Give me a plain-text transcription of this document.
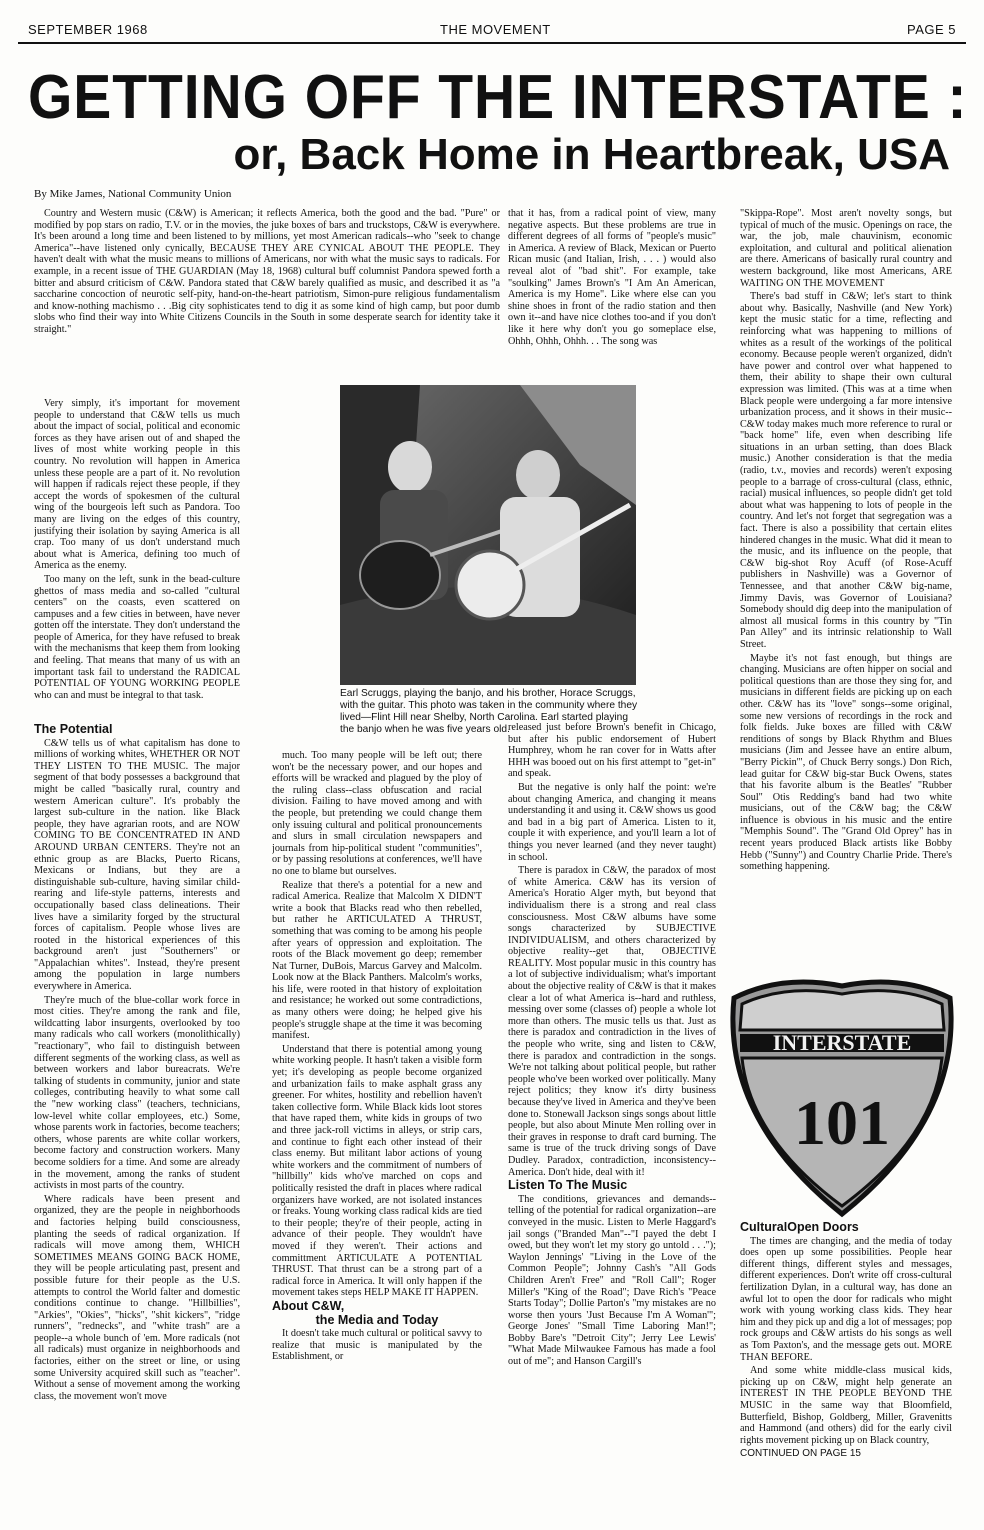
SEPTEMBER 1968	THE MOVEMENT	PAGE 5
GETTING OFF THE INTERSTATE :
or, Back Home in Heartbreak, USA
By Mike James, National Community Union

Country and Western music (C&W) is American; it reflects America, both the good and the bad. "Pure" or modified by pop stars on radio, T.V. or in the movies, the juke boxes of bars and truckstops, C&W is everywhere. It's been around a long time and been listened to by millions, yet most American radicals--who "seek to change America"--have listened only cynically, BECAUSE THEY ARE CYNICAL ABOUT THE PEOPLE. They haven't dealt with what the music means to millions of Americans, nor with what the music says to radicals. For example, in a recent issue of THE GUARDIAN (May 18, 1968) cultural buff columnist Pandora spewed forth a bitter and absurd criticism of C&W. Pandora stated that C&W barely qualified as music, and described it as "a saccharine concoction of neurotic self-pity, hand-on-the-heart patriotism, Simon-pure religious fundamentalism and know-nothing machismo . . .Big city sophisticates tend to dig it as some kind of high camp, but poor dumb slobs who find their way into White Citizens Councils in the South in some desperate search for identity take it straight."

Very simply, it's important for movement people to understand that C&W tells us much about the impact of social, political and economic forces as they have arisen out of and shaped the lives of most white working people in this country. No revolution will happen in America unless these people are a part of it. No revolution will happen if radicals reject these people, if they accept the words of spokesmen of the cultural wing of the bourgeois left such as Pandora. Too many are living on the edges of this country, justifying their isolation by saying America is all crap. Too many of us don't understand much about what is America, defining too much of America as the enemy.

Too many on the left, sunk in the bead-culture ghettos of mass media and so-called "cultural centers" on the coasts, even scattered on campuses and a few cities in between, have never gotten off the interstate. They don't understand the people of America, for they have refused to break with the mechanisms that keep them from looking and feeling. That means that many of us with an important task fail to understand the RADICAL POTENTIAL OF YOUNG WORKING PEOPLE who can and must be integral to that task.	Earl Scruggs, playing the banjo, and his brother, Horace Scruggs, with the guitar. This photo was taken in the community where they lived—Flint Hill near Shelby, North Carolina. Earl started playing the banjo when he was five years old.

The Potential

C&W tells us of what capitalism has done to millions of working whites, WHETHER OR NOT THEY LISTEN TO THE MUSIC. The major segment of that body possesses a background that might be called "basically rural, country and western American culture". It's probably the largest sub-culture in the nation. like Black people, they have agrarian roots, and are NOW COMING TO BE CONCENTRATED IN AND AROUND URBAN CENTERS. They're not an ethnic group as are Blacks, Puerto Ricans, Mexicans or Indians, but they are a distinguishable sub-culture, having similar child-rearing and life-style patterns, interests and occupationally based class delineations. Their lives have a similarity forged by the structural forces of capitalism. People whose lives are rooted in the historical experiences of this background aren't just "Southerners" or "Appalachian whites". Instead, they're present among the population in large numbers everywhere in America.

They're much of the blue-collar work force in most cities. They're among the rank and file, wildcatting labor insurgents, overlooked by too many radicals who call workers (monolithically) "reactionary", who fail to distinguish between different segments of the working class, as well as between workers and labor bureacrats. We're talking of students in community, junior and state colleges, contributing heavily to what some call the "new working class" (teachers, technicians, low-level white collar employees, etc.) Some, whose parents work in factories, become teachers; others, whose parents are white collar workers, become factory and construction workers. Many become soldiers for a time. And some are already in the movement, among the ranks of student activists in most parts of the country.

Where radicals have been present and organized, they are the people in neighborhoods and factories helping build consciousness, planting the seeds of radical organization. If radicals will move among them, WHICH SOMETIMES MEANS GOING BACK HOME, they will be people articulating past, present and possible future for their people as the U.S. attempts to control the World falter and domestic conditions continue to change. "Hillbillies", "Arkies", "Okies", "hicks", "shit kickers", "ridge runners", "rednecks", and "white trash" are a people--a whole bunch of 'em. More radicals (not all radicals) must organize in neighborhoods and factories, either on the street or line, or using some University acquired skill such as "teacher". Without a sense of movement among the working class, the movement won't move

much. Too many people will be left out; there won't be the necessary power, and our hopes and efforts will be wracked and plagued by the ploy of the ruling class--class obfuscation and racial division. Failing to have moved among and with the people, but pretending we could change them only issuing cultural and political pronouncements and slurs in small circulation newspapers and journals from hip-political student "communities", or by passing resolutions at conferences, we'll have no one to blame but ourselves.

Realize that there's a potential for a new and radical America. Realize that Malcolm X DIDN'T write a book that Blacks read who then rebelled, but rather he ARTICULATED A THRUST, something that was coming to be among his people after years of oppression and exploitation. The roots of the Black movement go deep; remember Nat Turner, DuBois, Marcus Garvey and Malcolm. Look now at the Black Panthers. Malcolm's works, his life, were rooted in that history of exploitation and resistance; he worked out some contradictions, as many others were doing; he helped give his people's struggle shape at the time it was becoming manifest.

Understand that there is potential among young white working people. It hasn't taken a visible form yet; it's developing as people become organized and urbanization fails to make asphalt grass any greener. For whites, hostility and rebellion haven't taken collective form. While Black kids loot stores that have raped them, white kids in groups of two and three jack-roll victims in alleys, or strip cars, and continue to fight each other instead of their class enemy. But militant labor actions of young white workers and the commitment of numbers of "hillbilly" kids who've marched on cops and politically resisted the draft in places where radical organizers have worked, are not isolated instances or freaks. Young working class radical kids are tied to their people; they're of their people, acting in advance of their people. They wouldn't have moved if they weren't. Their actions and committment ARTICULATE A POTENTIAL THRUST. That thrust can be a strong part of a radical force in America. It will only happen if the movement takes steps HELP MAKE IT HAPPEN.

About C&W,

the Media and Today

It doesn't take much cultural or political savvy to realize that music is manipulated by the Establishment, or

that it has, from a radical point of view, many negative aspects. But these problems are true in different degrees of all forms of "people's music" in America. A review of Black, Mexican or Puerto Rican music (and Italian, Irish, . . . ) would also reveal alot of "bad shit". For example, take "soulking" James Brown's "I Am An American, America is my Home". Like where else can you shine shoes in front of the radio station and then own it--and have nice clothes too-and if you don't like it here why don't you go someplace else, Ohhh, Ohhh, Ohhh. . . The song was

released just before Brown's benefit in Chicago, but after his public endorsement of Hubert Humphrey, whom he ran cover for in Watts after HHH was booed out on his first attempt to "get-in" and speak.

But the negative is only half the point: we're about changing America, and changing it means understanding it and using it. C&W shows us good and bad in a big part of America. Listen to it, couple it with experience, and you'll learn a lot of things you never learned (and they never taught) in school.

There is paradox in C&W, the paradox of most of white America. C&W has its version of America's Horatio Alger myth, but beyond that individualism there is a strong and real class consciousness. Most C&W albums have some songs characterized by SUBJECTIVE INDIVIDUALISM, and others characterized by objective reality--get that, OBJECTIVE REALITY. Most popular music in this country has a lot of subjective individualism; what's important about the objective reality of C&W is that it makes clear a lot of what America is--hard and ruthless, messing over some (classes of) people a whole lot more than others. The music tells us that. Just as there is paradox and contradiction in the lives of the people who write, sing and listen to C&W, there is paradox and contradiction in the songs. We're not talking about political people, but rather people who've been worked over politically. Many reject politics; they know it's dirty business because they've lived in America and they've been done to. Stonewall Jackson sings songs about little people, but also about Minute Men rolling over in their graves in response to draft card burning. The same is true of the truck driving songs of Dave Dudley. Paradox, contradiction, inconsistency--America. Don't hide, deal with it!

Listen To The Music

The conditions, grievances and demands--telling of the potential for radical organization--are conveyed in the music. Listen to Merle Haggard's jail songs ("Branded Man"--"I payed the debt I owed, but they won't let my story go untold . . ."); Waylon Jennings' "Living in the Love of the Common People"; Johnny Cash's "All Gods Children Aren't Free" and "Roll Call"; Roger Miller's "King of the Road"; Dave Rich's "Peace Starts Today"; Dollie Parton's "my mistakes are no worse then yours 'Just Because I'm A Woman'"; George Jones' "Small Time Laboring Man!"; Bobby Bare's "Detroit City"; Jerry Lee Lewis' "What Made Milwaukee Famous has made a fool out of me"; and Hanson Cargill's

"Skippa-Rope". Most aren't novelty songs, but typical of much of the music. Openings on race, the war, the job, male chauvinism, economic exploitation, and cultural and political alienation are there. Americans of basically rural country and western background, like most Americans, ARE WAITING ON THE MOVEMENT

There's bad stuff in C&W; let's start to think about why. Basically, Nashville (and New York) kept the music static for a time, reflecting and reinforcing what was happening to millions of whites as a result of the workings of the political economy. Because people weren't organized, didn't have power and control over what happened to them, their ability to shape their own cultural expression was limited. (This was at a time when Black people were undergoing a far more intensive urbanization process, and it shows in their music--C&W today makes much more reference to rural or "back home" life, even when describing life situations in an urban setting, than does Black music.) Another consideration is that the media (radio, t.v., movies and records) weren't exposing people to a barrage of cross-cultural (class, ethnic, racial) musical influences, so people didn't get told about what was happening to lots of people in the country. And let's not forget that segregation was a fact. There is also a possibility that certain elites hindered changes in the music. What did it mean to the music, and its influence on the people, that C&W big-shot Roy Acuff (of Rose-Acuff publishers in Nashville) was a Governor of Tennessee, and that another C&W big-name, Jimmy Davis, was Governor of Louisiana? Somebody should dig deep into the manipulation of almost all musical forms in this country by "Tin Pan Alley" and its intrinsic relationship to Wall Street.

Maybe it's not fast enough, but things are changing. Musicians are often hipper on social and political questions than are those they sing for, and musicians in different fields are picking up on each other. C&W has its "love" songs--some original, some new versions of recordings in the rock and folk fields. Juke boxes are filled with C&W renditions of songs by Black Rhythm and Blues musicians (Jim and Jessee have an entire album, "Berry Pickin'", of Chuck Berry songs.) Don Rich, lead guitar for C&W big-star Buck Owens, states that his favorite album is the Beatles' "Rubber Soul" Otis Redding's band had two white musicians, out of the C&W bag; the C&W influence is obvious in his music and the entire "Memphis Sound". The "Grand Old Oprey" has in recent years produced Black artists like Bobby Hebb ("Sunny") and Country Charlie Pride. There's something happening.

INTERSTATE
101

CulturalOpen Doors

The times are changing, and the media of today does open up some possibilities. People hear different things, different styles and messages, different experiences. Don't write off cross-cultural fertilization Dylan, in a cultural way, has done an awful lot to open the door for radicals who might work with young working class kids. They hear him and they pick up and dig a lot of messages; pop rock groups and C&W artists do his songs as well as Tom Paxton's, and the message gets out. MORE THAN BEFORE.

And some white middle-class musical kids, picking up on C&W, might help generate an INTEREST IN THE PEOPLE BEYOND THE MUSIC in the same way that Bloomfield, Butterfield, Bishop, Goldberg, Miller, Gravenitts and Hammond (and others) did for the early civil rights movement picking up on Black country,

CONTINUED ON PAGE 15
